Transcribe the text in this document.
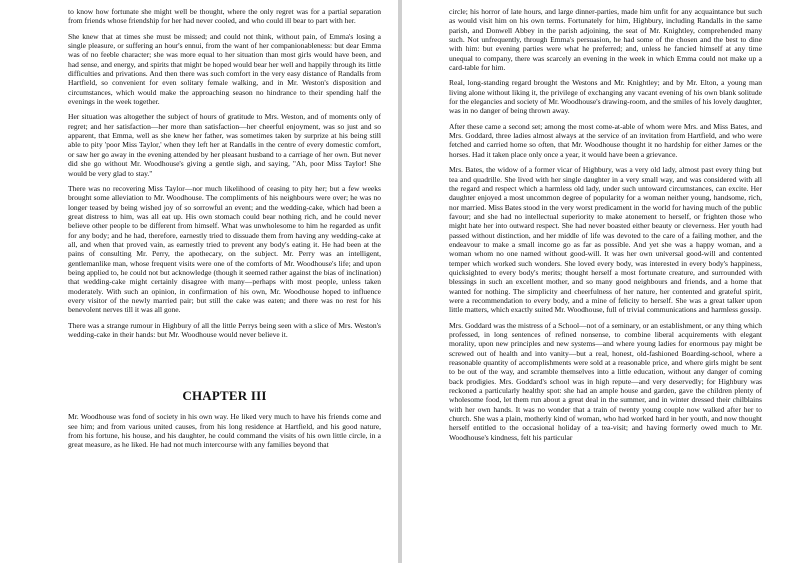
to know how fortunate she might well be thought, where the only regret was for a partial separation from friends whose friendship for her had never cooled, and who could ill bear to part with her.

She knew that at times she must be missed; and could not think, without pain, of Emma's losing a single pleasure, or suffering an hour's ennui, from the want of her companionableness: but dear Emma was of no feeble character; she was more equal to her situation than most girls would have been, and had sense, and energy, and spirits that might be hoped would bear her well and happily through its little difficulties and privations. And then there was such comfort in the very easy distance of Randalls from Hartfield, so convenient for even solitary female walking, and in Mr. Weston's disposition and circumstances, which would make the approaching season no hindrance to their spending half the evenings in the week together.

Her situation was altogether the subject of hours of gratitude to Mrs. Weston, and of moments only of regret; and her satisfaction—her more than satisfaction—her cheerful enjoyment, was so just and so apparent, that Emma, well as she knew her father, was sometimes taken by surprize at his being still able to pity 'poor Miss Taylor,' when they left her at Randalls in the centre of every domestic comfort, or saw her go away in the evening attended by her pleasant husband to a carriage of her own. But never did she go without Mr. Woodhouse's giving a gentle sigh, and saying, "Ah, poor Miss Taylor! She would be very glad to stay."

There was no recovering Miss Taylor—nor much likelihood of ceasing to pity her; but a few weeks brought some alleviation to Mr. Woodhouse. The compliments of his neighbours were over; he was no longer teased by being wished joy of so sorrowful an event; and the wedding-cake, which had been a great distress to him, was all eat up. His own stomach could bear nothing rich, and he could never believe other people to be different from himself. What was unwholesome to him he regarded as unfit for any body; and he had, therefore, earnestly tried to dissuade them from having any wedding-cake at all, and when that proved vain, as earnestly tried to prevent any body's eating it. He had been at the pains of consulting Mr. Perry, the apothecary, on the subject. Mr. Perry was an intelligent, gentlemanlike man, whose frequent visits were one of the comforts of Mr. Woodhouse's life; and upon being applied to, he could not but acknowledge (though it seemed rather against the bias of inclination) that wedding-cake might certainly disagree with many—perhaps with most people, unless taken moderately. With such an opinion, in confirmation of his own, Mr. Woodhouse hoped to influence every visitor of the newly married pair; but still the cake was eaten; and there was no rest for his benevolent nerves till it was all gone.

There was a strange rumour in Highbury of all the little Perrys being seen with a slice of Mrs. Weston's wedding-cake in their hands: but Mr. Woodhouse would never believe it.

CHAPTER III

Mr. Woodhouse was fond of society in his own way. He liked very much to have his friends come and see him; and from various united causes, from his long residence at Hartfield, and his good nature, from his fortune, his house, and his daughter, he could command the visits of his own little circle, in a great measure, as he liked. He had not much intercourse with any families beyond that

circle; his horror of late hours, and large dinner-parties, made him unfit for any acquaintance but such as would visit him on his own terms. Fortunately for him, Highbury, including Randalls in the same parish, and Donwell Abbey in the parish adjoining, the seat of Mr. Knightley, comprehended many such. Not unfrequently, through Emma's persuasion, he had some of the chosen and the best to dine with him: but evening parties were what he preferred; and, unless he fancied himself at any time unequal to company, there was scarcely an evening in the week in which Emma could not make up a card-table for him.

Real, long-standing regard brought the Westons and Mr. Knightley; and by Mr. Elton, a young man living alone without liking it, the privilege of exchanging any vacant evening of his own blank solitude for the elegancies and society of Mr. Woodhouse's drawing-room, and the smiles of his lovely daughter, was in no danger of being thrown away.

After these came a second set; among the most come-at-able of whom were Mrs. and Miss Bates, and Mrs. Goddard, three ladies almost always at the service of an invitation from Hartfield, and who were fetched and carried home so often, that Mr. Woodhouse thought it no hardship for either James or the horses. Had it taken place only once a year, it would have been a grievance.

Mrs. Bates, the widow of a former vicar of Highbury, was a very old lady, almost past every thing but tea and quadrille. She lived with her single daughter in a very small way, and was considered with all the regard and respect which a harmless old lady, under such untoward circumstances, can excite. Her daughter enjoyed a most uncommon degree of popularity for a woman neither young, handsome, rich, nor married. Miss Bates stood in the very worst predicament in the world for having much of the public favour; and she had no intellectual superiority to make atonement to herself, or frighten those who might hate her into outward respect. She had never boasted either beauty or cleverness. Her youth had passed without distinction, and her middle of life was devoted to the care of a failing mother, and the endeavour to make a small income go as far as possible. And yet she was a happy woman, and a woman whom no one named without good-will. It was her own universal good-will and contented temper which worked such wonders. She loved every body, was interested in every body's happiness, quicksighted to every body's merits; thought herself a most fortunate creature, and surrounded with blessings in such an excellent mother, and so many good neighbours and friends, and a home that wanted for nothing. The simplicity and cheerfulness of her nature, her contented and grateful spirit, were a recommendation to every body, and a mine of felicity to herself. She was a great talker upon little matters, which exactly suited Mr. Woodhouse, full of trivial communications and harmless gossip.

Mrs. Goddard was the mistress of a School—not of a seminary, or an establishment, or any thing which professed, in long sentences of refined nonsense, to combine liberal acquirements with elegant morality, upon new principles and new systems—and where young ladies for enormous pay might be screwed out of health and into vanity—but a real, honest, old-fashioned Boarding-school, where a reasonable quantity of accomplishments were sold at a reasonable price, and where girls might be sent to be out of the way, and scramble themselves into a little education, without any danger of coming back prodigies. Mrs. Goddard's school was in high repute—and very deservedly; for Highbury was reckoned a particularly healthy spot: she had an ample house and garden, gave the children plenty of wholesome food, let them run about a great deal in the summer, and in winter dressed their chilblains with her own hands. It was no wonder that a train of twenty young couple now walked after her to church. She was a plain, motherly kind of woman, who had worked hard in her youth, and now thought herself entitled to the occasional holiday of a tea-visit; and having formerly owed much to Mr. Woodhouse's kindness, felt his particular
